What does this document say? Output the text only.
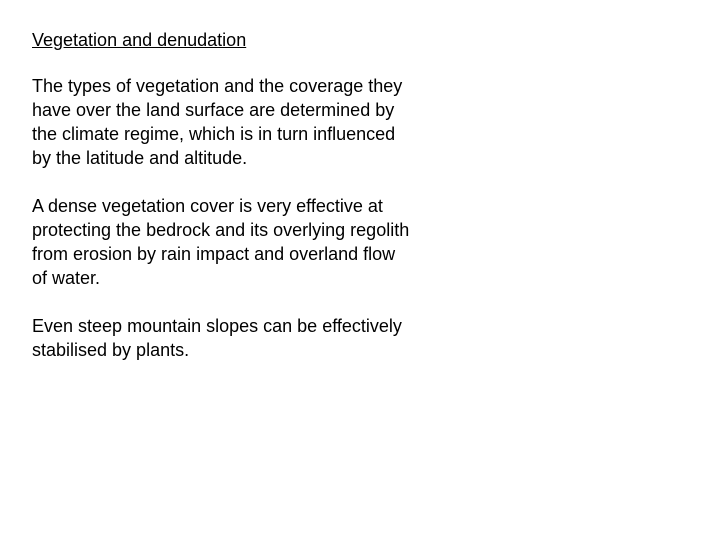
Vegetation and denudation

The types of vegetation and the coverage they have over the land surface are determined by the climate regime, which is in turn influenced by the latitude and altitude.

A dense vegetation cover is very effective at protecting the bedrock and its overlying regolith from erosion by rain impact and overland flow of water.

Even steep mountain slopes can be effectively stabilised by plants.
